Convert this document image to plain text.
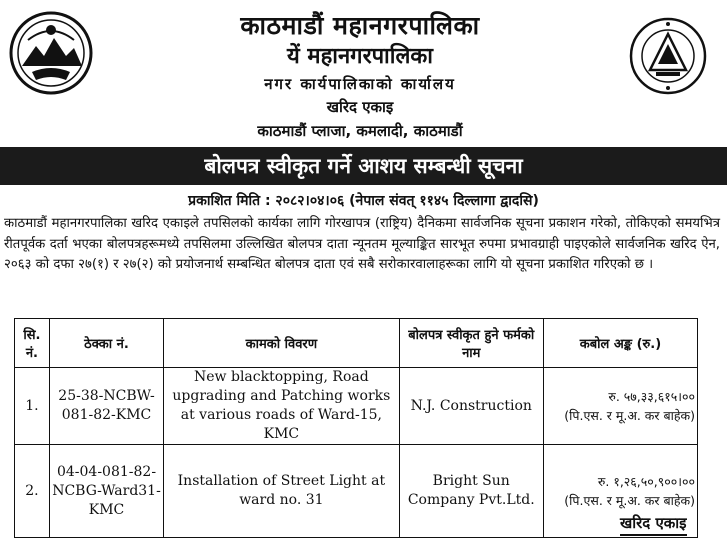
काठमाडौं महानगरपालिका
यें महानगरपालिका
नगर कार्यपालिकाको कार्यालय
खरिद एकाइ
काठमाडौं प्लाजा, कमलादी, काठमाडौं
बोलपत्र स्वीकृत गर्ने आशय सम्बन्धी सूचना
प्रकाशित मिति : २०८२।०४।०६ (नेपाल संवत् ११४५ दिल्लागा द्वादसि)
काठमाडौं महानगरपालिका खरिद एकाइले तपसिलको कार्यका लागि गोरखापत्र (राष्ट्रिय) दैनिकमा सार्वजनिक सूचना प्रकाशन गरेको, तोकिएको समयभित्र रीतपूर्वक दर्ता भएका बोलपत्रहरूमध्ये तपसिलमा उल्लिखित बोलपत्र दाता न्यूनतम मूल्याङ्कित सारभूत रुपमा प्रभावग्राही पाइएकोले सार्वजनिक खरिद ऐन, २०६३ को दफा २७(१) र २७(२) को प्रयोजनार्थ सम्बन्धित बोलपत्र दाता एवं सबै सरोकारवालाहरूका लागि यो सूचना प्रकाशित गरिएको छ ।
सि. नं.	ठेक्का नं.	कामको विवरण	बोलपत्र स्वीकृत हुने फर्मको नाम	कबोल अङ्क (रु.)
1.	25-38-NCBW-081-82-KMC	New blacktopping, Road upgrading and Patching works at various roads of Ward-15, KMC	N.J. Construction	रु. ५७,३३,६१५।००
(पि.एस. र मू.अ. कर बाहेक)

2.	04-04-081-82-NCBG-Ward31-KMC	Installation of Street Light at ward no. 31	Bright Sun Company Pvt.Ltd.	रु. १,२६,५०,९००।००
(पि.एस. र मू.अ. कर बाहेक)
खरिद एकाइ
